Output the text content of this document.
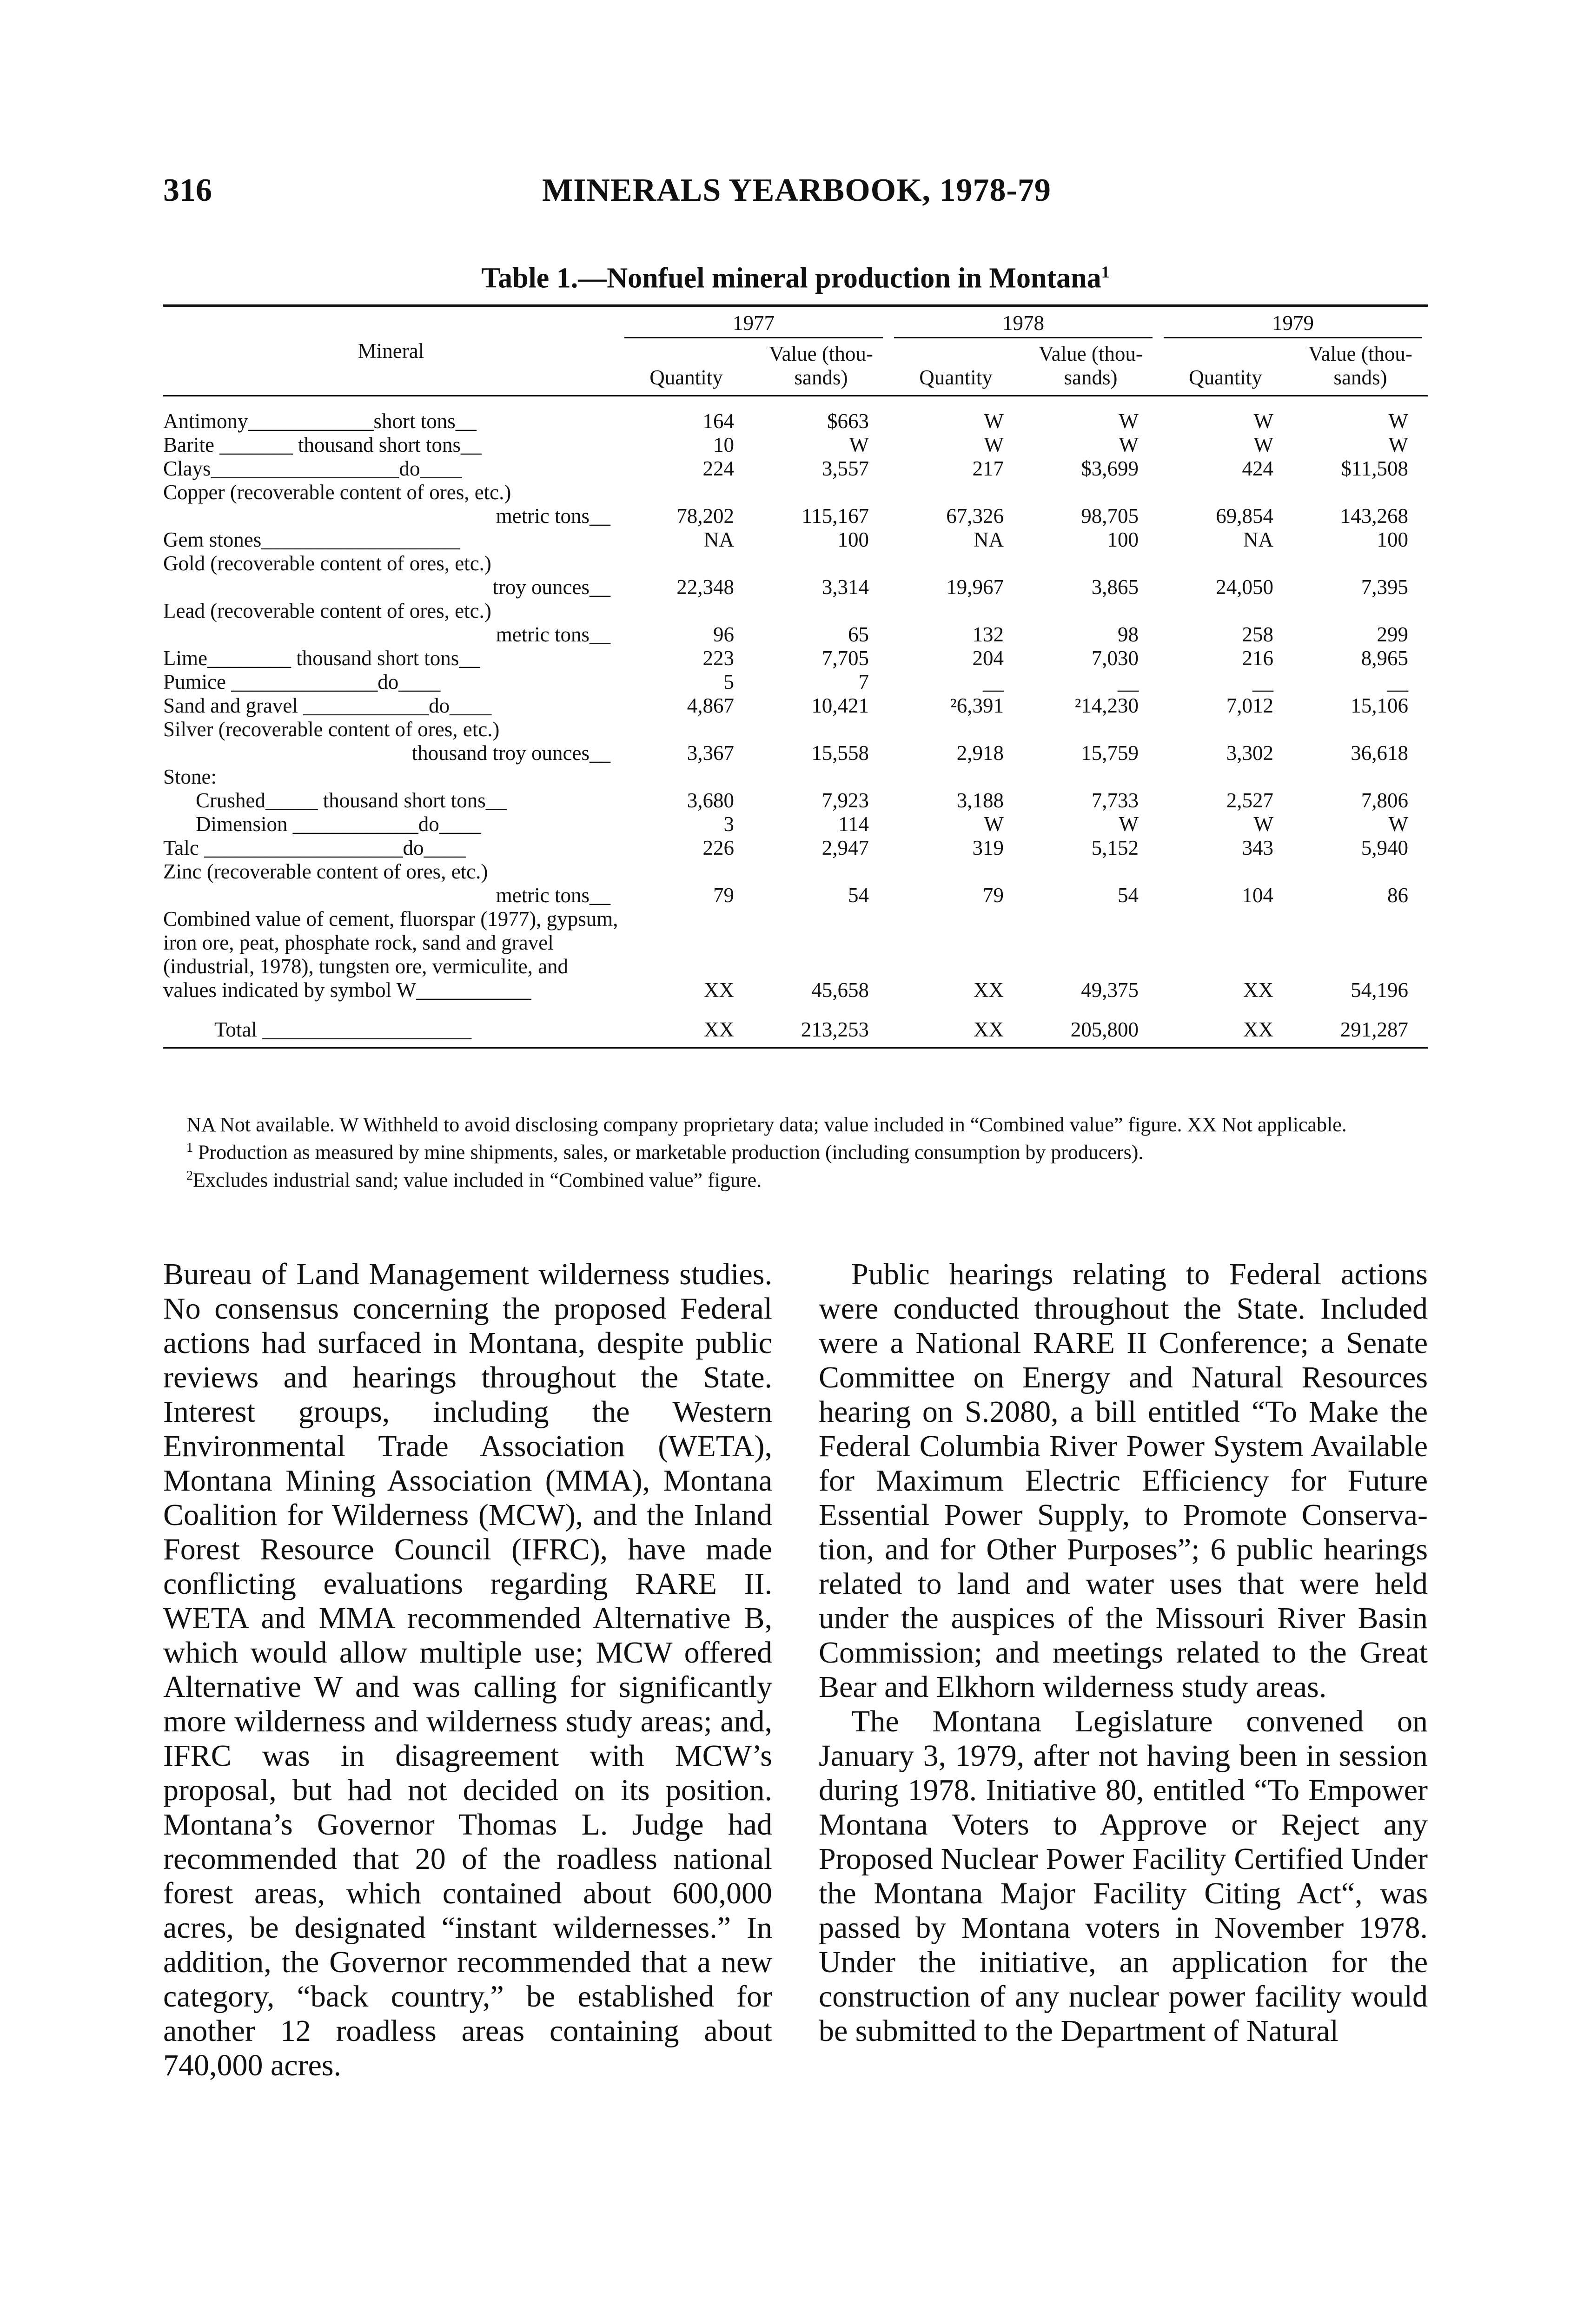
316	MINERALS YEARBOOK, 1978-79
Table 1.—Nonfuel mineral production in Montana$^1$
Mineral	1977		1978		1979	

	Quantity	Value (thou- sands)	Quantity	Value (thou- sands)	Quantity	Value (thou- sands)

Antimony____________short tons__	164	$663	W	W	W	W
Barite _______ thousand short tons__	10	W	W	W	W	W
Clays__________________do____	224	3,557	217	$3,699	424	$11,508
Copper (recoverable content of ores, etc.)
metric tons__	78,202	115,167	67,326	98,705	69,854	143,268
Gem stones___________________	NA	100	NA	100	NA	100
Gold (recoverable content of ores, etc.)
troy ounces__	22,348	3,314	19,967	3,865	24,050	7,395
Lead (recoverable content of ores, etc.)
metric tons__	96	65	132	98	258	299
Lime________ thousand short tons__	223	7,705	204	7,030	216	8,965
Pumice ______________do____	5	7	__	__	__	__
Sand and gravel ____________do____	4,867	10,421	²6,391	²14,230	7,012	15,106
Silver (recoverable content of ores, etc.)
thousand troy ounces__	3,367	15,558	2,918	15,759	3,302	36,618
Stone:						
Crushed_____ thousand short tons__	3,680	7,923	3,188	7,733	2,527	7,806
Dimension ____________do____	3	114	W	W	W	W
Talc ___________________do____	226	2,947	319	5,152	343	5,940
Zinc (recoverable content of ores, etc.)
metric tons__	79	54	79	54	104	86
Combined value of cement, fluorspar (1977), gypsum, iron ore, peat, phosphate rock, sand and gravel (industrial, 1978), tungsten ore, vermiculite, and values indicated by symbol W___________	XX	45,658	XX	49,375	XX	54,196
Total ____________________	XX	213,253	XX	205,800	XX	291,287

NA Not available. W Withheld to avoid disclosing company proprietary data; value included in “Combined value” figure. XX Not applicable.

$^1$ Production as measured by mine shipments, sales, or marketable production (including consumption by producers).

$^2$Excludes industrial sand; value included in “Combined value” figure.

Bureau of Land Management wilderness studies. No consensus concerning the proposed Federal actions had surfaced in Montana, despite public reviews and hearings throughout the State. Interest groups, including the Western Environmental Trade Association (WETA), Montana Mining Association (MMA), Montana Coalition for Wilderness (MCW), and the Inland Forest Resource Council (IFRC), have made conflicting evaluations regarding RARE II. WETA and MMA recommended Alternative B, which would allow multiple use; MCW offered Alternative W and was calling for significantly more wilderness and wilderness study areas; and, IFRC was in disagreement with MCW’s proposal, but had not decided on its position. Montana’s Governor Thomas L. Judge had recommended that 20 of the roadless national forest areas, which contained about 600,000 acres, be designated “instant wildernesses.” In addition, the Governor recommended that a new category, “back country,” be established for another 12 roadless areas containing about 740,000 acres.

Public hearings relating to Federal actions were conducted throughout the State. Included were a National RARE II Conference; a Senate Committee on Energy and Natural Resources hearing on S.2080, a bill entitled “To Make the Federal Columbia River Power System Available for Maximum Electric Efficiency for Future Essential Power Supply, to Promote Conservation, and for Other Purposes”; 6 public hearings related to land and water uses that were held under the auspices of the Missouri River Basin Commission; and meetings related to the Great Bear and Elkhorn wilderness study areas.

The Montana Legislature convened on January 3, 1979, after not having been in session during 1978. Initiative 80, entitled “To Empower Montana Voters to Approve or Reject any Proposed Nuclear Power Facility Certified Under the Montana Major Facility Citing Act“, was passed by Montana voters in November 1978. Under the initiative, an application for the construction of any nuclear power facility would be submitted to the Department of Natural
